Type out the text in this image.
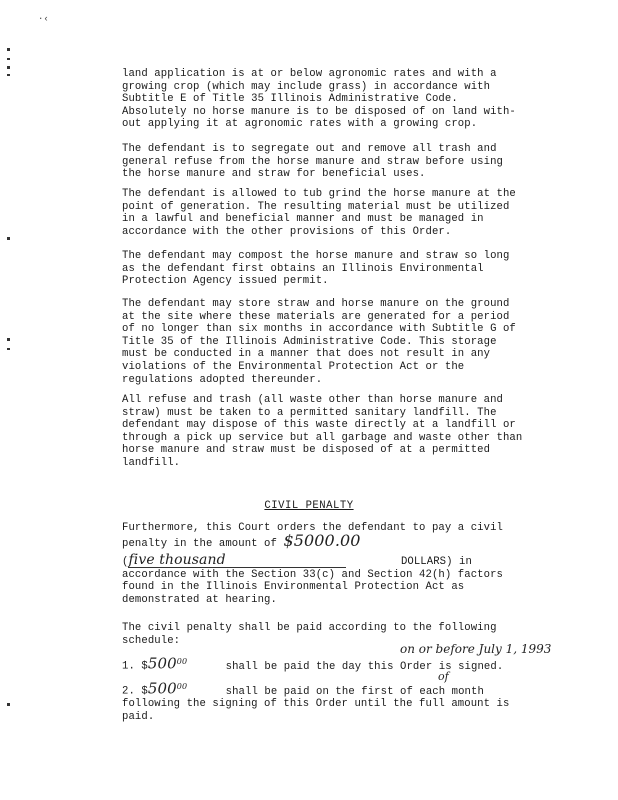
·‹
land application is at or below agronomic rates and with a
growing crop (which may include grass) in accordance with
Subtitle E of Title 35 Illinois Administrative Code.
Absolutely no horse manure is to be disposed of on land with-
out applying it at agronomic rates with a growing crop.
The defendant is to segregate out and remove all trash and
general refuse from the horse manure and straw before using
the horse manure and straw for beneficial uses.
The defendant is allowed to tub grind the horse manure at the
point of generation. The resulting material must be utilized
in a lawful and beneficial manner and must be managed in
accordance with the other provisions of this Order.
The defendant may compost the horse manure and straw so long
as the defendant first obtains an Illinois Environmental
Protection Agency issued permit.
The defendant may store straw and horse manure on the ground
at the site where these materials are generated for a period
of no longer than six months in accordance with Subtitle G of
Title 35 of the Illinois Administrative Code. This storage
must be conducted in a manner that does not result in any
violations of the Environmental Protection Act or the
regulations adopted thereunder.
All refuse and trash (all waste other than horse manure and
straw) must be taken to a permitted sanitary landfill. The
defendant may dispose of this waste directly at a landfill or
through a pick up service but all garbage and waste other than
horse manure and straw must be disposed of at a permitted
landfill.
CIVIL PENALTY
Furthermore, this Court orders the defendant to pay a civil
penalty in the amount of $5000.00
(five thousand	DOLLARS) in
accordance with the Section 33(c) and Section 42(h) factors
found in the Illinois Environmental Protection Act as
demonstrated at hearing.
The civil penalty shall be paid according to the following
schedule:
on or before July 1, 1993
1. $\$500^{00}$	shall be paid the day this Order is signed.
of
2. $\$500^{00}$	shall be paid on the first of each month
following the signing of this Order until the full amount is
paid.
